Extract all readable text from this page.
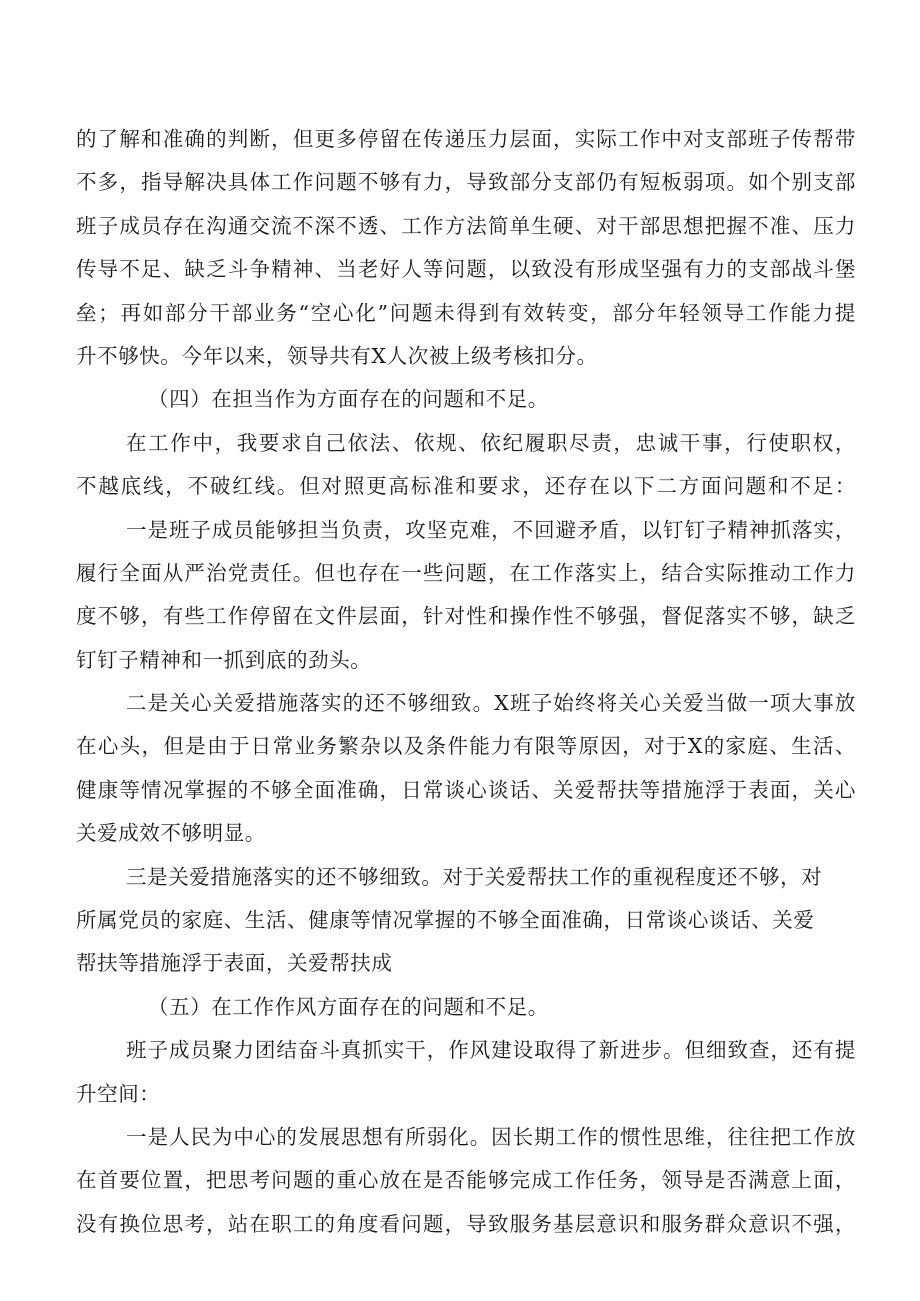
的了解和准确的判断，但更多停留在传递压力层面，实际工作中对支部班子传帮带
不多，指导解决具体工作问题不够有力，导致部分支部仍有短板弱项。如个别支部
班子成员存在沟通交流不深不透、工作方法简单生硬、对干部思想把握不准、压力
传导不足、缺乏斗争精神、当老好人等问题，以致没有形成坚强有力的支部战斗堡
垒；再如部分干部业务“空心化”问题未得到有效转变，部分年轻领导工作能力提
升不够快。今年以来，领导共有X人次被上级考核扣分。
（四）在担当作为方面存在的问题和不足。
在工作中，我要求自己依法、依规、依纪履职尽责，忠诚干事，行使职权，
不越底线，不破红线。但对照更高标准和要求，还存在以下二方面问题和不足：
一是班子成员能够担当负责，攻坚克难，不回避矛盾，以钉钉子精神抓落实，
履行全面从严治党责任。但也存在一些问题，在工作落实上，结合实际推动工作力
度不够，有些工作停留在文件层面，针对性和操作性不够强，督促落实不够，缺乏
钉钉子精神和一抓到底的劲头。
二是关心关爱措施落实的还不够细致。X班子始终将关心关爱当做一项大事放
在心头，但是由于日常业务繁杂以及条件能力有限等原因，对于X的家庭、生活、
健康等情况掌握的不够全面准确，日常谈心谈话、关爱帮扶等措施浮于表面，关心
关爱成效不够明显。
三是关爱措施落实的还不够细致。对于关爱帮扶工作的重视程度还不够，对
所属党员的家庭、生活、健康等情况掌握的不够全面准确，日常谈心谈话、关爱
帮扶等措施浮于表面，关爱帮扶成
（五）在工作作风方面存在的问题和不足。
班子成员聚力团结奋斗真抓实干，作风建设取得了新进步。但细致查，还有提
升空间：
一是人民为中心的发展思想有所弱化。因长期工作的惯性思维，往往把工作放
在首要位置，把思考问题的重心放在是否能够完成工作任务，领导是否满意上面，
没有换位思考，站在职工的角度看问题，导致服务基层意识和服务群众意识不强，
